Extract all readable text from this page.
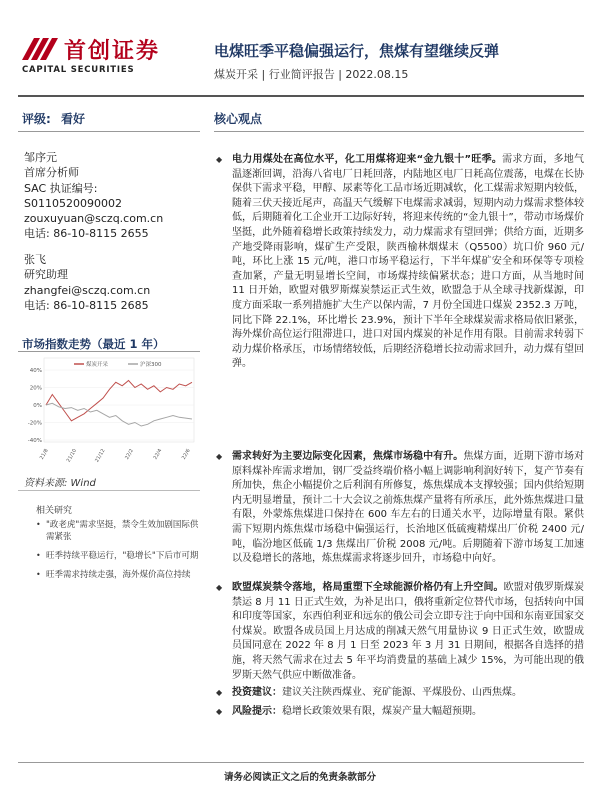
首创证券
CAPITAL SECURITIES
电煤旺季平稳偏强运行，焦煤有望继续反弹
煤炭开采 | 行业简评报告 | 2022.08.15
评级: 看好
邹序元
首席分析师
SAC 执证编号:
S0110520090002
zouxuyuan@sczq.com.cn
电话: 86-10-8115 2655
张飞
研究助理
zhangfei@sczq.com.cn
电话: 86-10-8115 2685
市场指数走势（最近 1 年）
煤炭开采	沪深300
40%
20%
0%
-20%
-40%
21/8	21/10	21/12	22/2	22/4	22/6
资料来源: Wind
相关研究
• "政老虎"需求坚挺，禁令生效加剧国际供需紧张
• 旺季持续平稳运行，"稳增长"下后市可期
• 旺季需求持续走强，海外煤价高位持续
核心观点
◆ 电力用煤处在高位水平，化工用煤将迎来“金九银十”旺季。需求方面，多地气温逐渐回调，沿海八省电厂日耗回落，内陆地区电厂日耗高位震荡，电煤在长协保供下需求平稳，甲醇、尿素等化工品市场近期减软，化工煤需求短期内较低，随着三伏天接近尾声，高温天气缓解下电煤需求减弱，短期内动力煤需求整体较低，后期随着化工企业开工边际好转，将迎来传统的“金九银十”，带动市场煤价坚挺，此外随着稳增长政策持续发力，动力煤需求有望回弹；供给方面，近期多产地受降雨影响，煤矿生产受限，陕西榆林烟煤末（Q5500）坑口价 960 元/吨，环比上涨 15 元/吨，港口市场平稳运行，下半年煤矿安全和环保等专项检查加紧，产量无明显增长空间，市场煤持续偏紧状态；进口方面，从当地时间 11 日开始，欧盟对俄罗斯煤炭禁运正式生效，欧盟急于从全球寻找新煤源，印度方面采取一系列措施扩大生产以保内需，7 月份全国进口煤炭 2352.3 万吨，同比下降 22.1%，环比增长 23.9%，预计下半年全球煤炭需求格局依旧紧张，海外煤价高位运行阻滞进口，进口对国内煤炭的补足作用有限。目前需求转弱下动力煤价格承压，市场情绪较低，后期经济稳增长拉动需求回升，动力煤有望回弹。
◆ 需求转好为主要边际变化因素，焦煤市场稳中有升。焦煤方面，近期下游市场对原料煤补库需求增加，钢厂受益终端价格小幅上调影响利润好转下，复产节奏有所加快，焦企小幅提价之后利润有所修复，炼焦煤成本支撑较强；国内供给短期内无明显增量，预计二十大会议之前炼焦煤产量将有所承压，此外炼焦煤进口量有限，外蒙炼焦煤进口保持在 600 车左右的日通关水平，边际增量有限。紧供需下短期内炼焦煤市场稳中偏强运行，长治地区低硫瘦精煤出厂价税 2400 元/吨，临汾地区低硫 1/3 焦煤出厂价税 2008 元/吨。后期随着下游市场复工加速以及稳增长的落地，炼焦煤需求将逐步回升，市场稳中向好。
◆ 欧盟煤炭禁令落地，格局重塑下全球能源价格仍有上升空间。欧盟对俄罗斯煤炭禁运 8 月 11 日正式生效，为补足出口，俄将重新定位替代市场，包括转向中国和印度等国家，东西伯利亚和远东的俄公司会立即专注于向中国和东南亚国家交付煤炭。欧盟各成员国上月达成的削减天然气用量协议 9 日正式生效，欧盟成员国同意在 2022 年 8 月 1 日至 2023 年 3 月 31 日期间，根据各自选择的措施，将天然气需求在过去 5 年平均消费量的基础上减少 15%，为可能出现的俄罗斯天然气供应中断做准备。
◆ 投资建议：建议关注陕西煤业、兖矿能源、平煤股份、山西焦煤。
◆ 风险提示：稳增长政策效果有限，煤炭产量大幅超预期。
请务必阅读正文之后的免责条款部分
